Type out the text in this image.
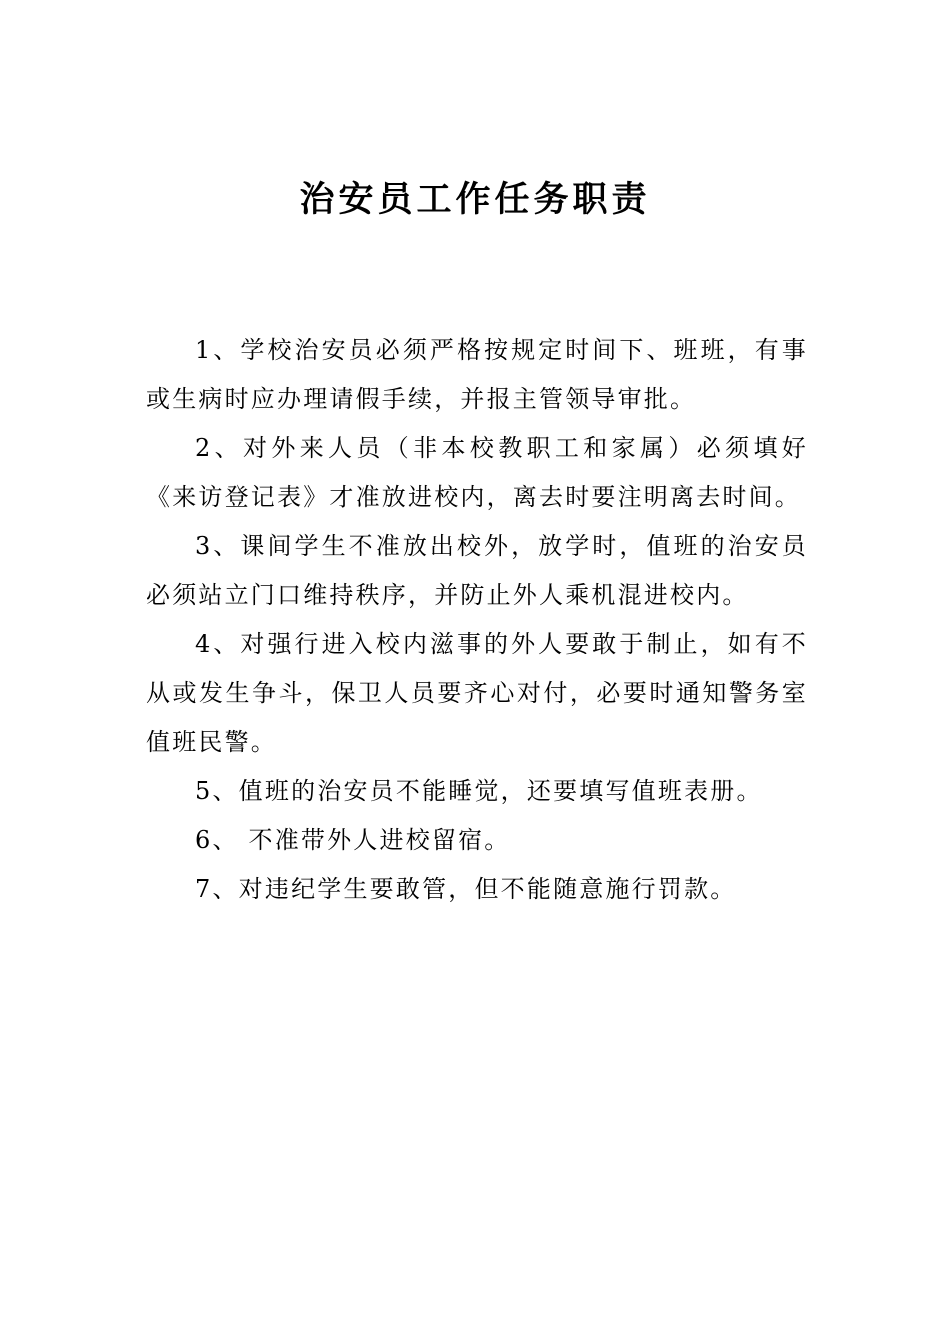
治安员工作任务职责

1、学校治安员必须严格按规定时间下、班班，有事或生病时应办理请假手续，并报主管领导审批。

2、对外来人员（非本校教职工和家属）必须填好《来访登记表》才准放进校内，离去时要注明离去时间。

3、课间学生不准放出校外，放学时，值班的治安员必须站立门口维持秩序，并防止外人乘机混进校内。

4、对强行进入校内滋事的外人要敢于制止，如有不从或发生争斗，保卫人员要齐心对付，必要时通知警务室值班民警。

5、值班的治安员不能睡觉，还要填写值班表册。

6、 不准带外人进校留宿。

7、对违纪学生要敢管，但不能随意施行罚款。
